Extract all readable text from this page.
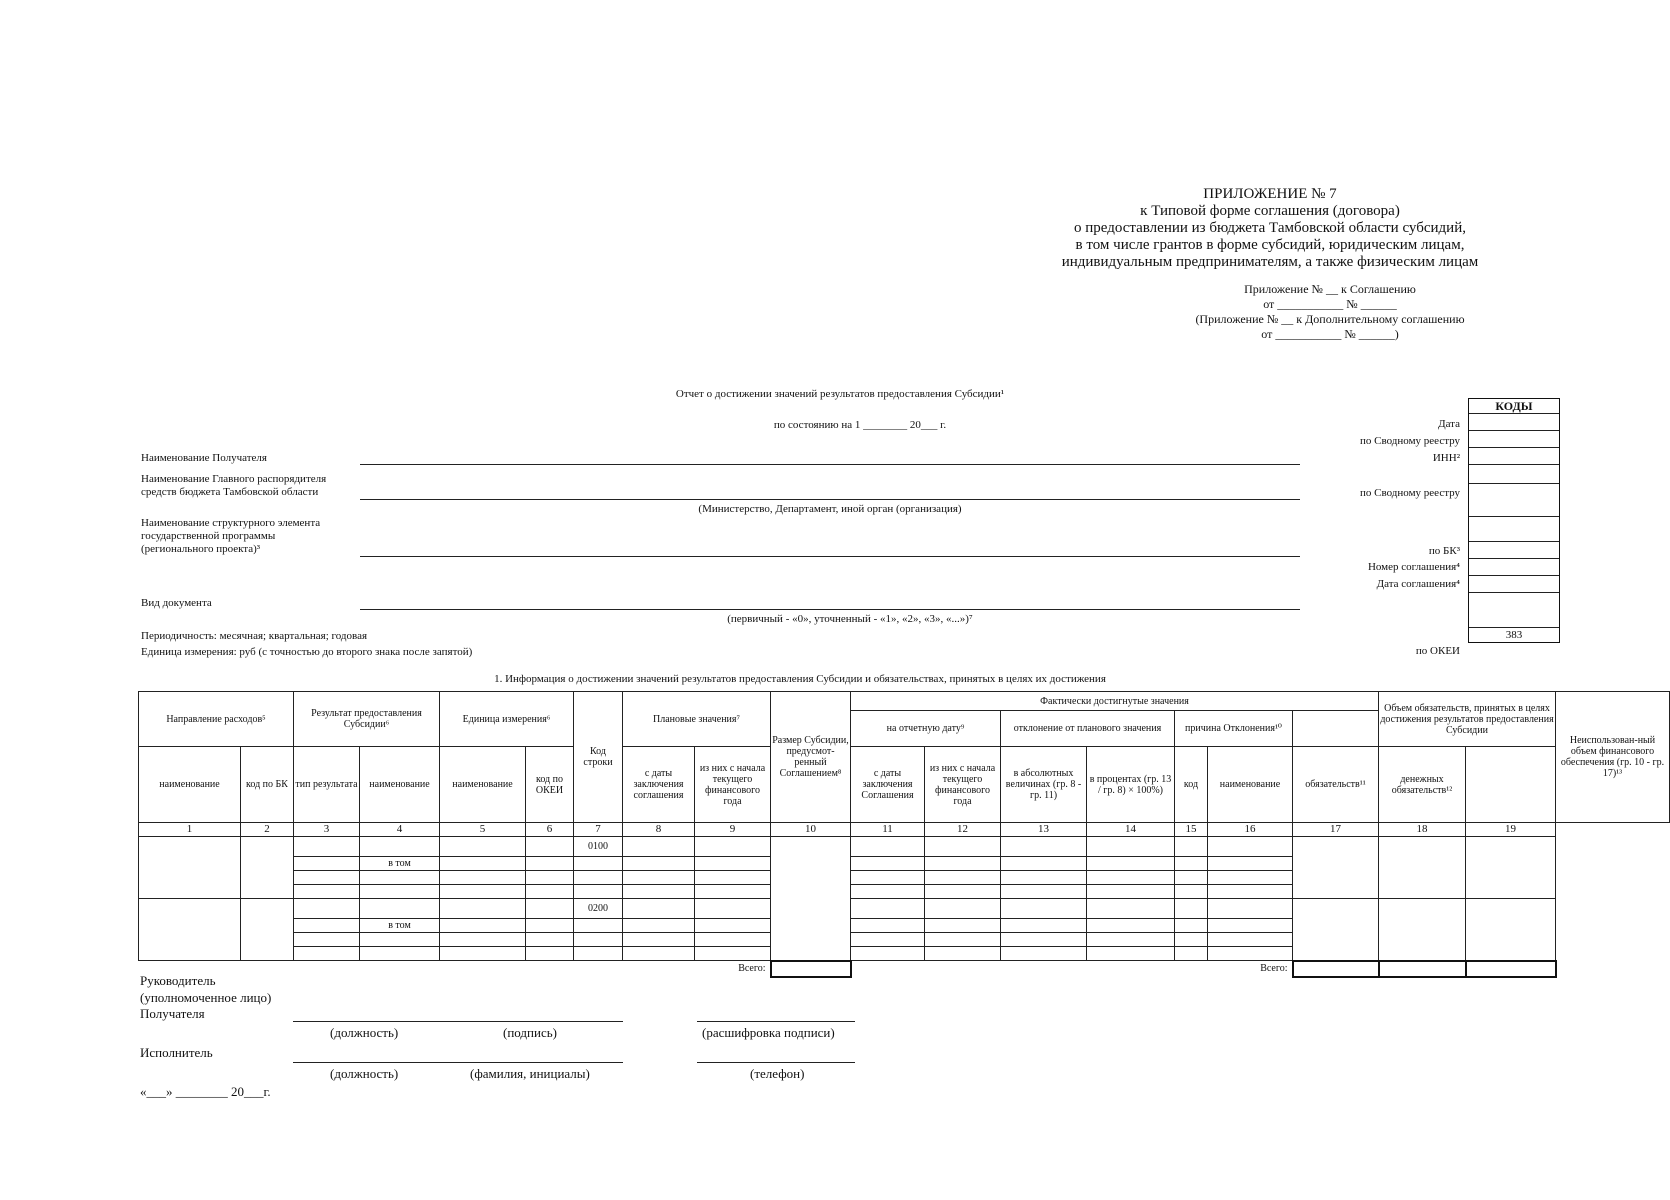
ПРИЛОЖЕНИЕ № 7
к Типовой форме соглашения (договора)
о предоставлении из бюджета Тамбовской области субсидий,
в том числе грантов в форме субсидий, юридическим лицам,
индивидуальным предпринимателям, а также физическим лицам
Приложение № __ к Соглашению
от ___________ № ______
(Приложение № __ к Дополнительному соглашению
от ___________ № ______)
Отчет о достижении значений результатов предоставления Субсидии¹
по состоянию на 1 ________ 20___ г.
КОДЫ
383
Дата
по Сводному реестру
ИНН²
по Сводному реестру
по БК³
Номер соглашения⁴
Дата соглашения⁴
по ОКЕИ
Наименование Получателя
Наименование Главного распорядителя
средств бюджета Тамбовской области
(Министерство, Департамент, иной орган (организация)
Наименование структурного элемента
государственной программы
(регионального проекта)³
Вид документа
(первичный - «0», уточненный - «1», «2», «3», «...»)⁷
Периодичность: месячная; квартальная; годовая
Единица измерения: руб (с точностью до второго знака после запятой)
1. Информация о достижении значений результатов предоставления Субсидии и обязательствах, принятых в целях их достижения
Направление расходов⁵		Результат предоставления Субсидии⁶		Единица измерения⁶		Код строки	Плановые значения⁷		Размер Субсидии, предусмот-ренный Соглашением⁸	Фактически достигнутые значения							Объем обязательств, принятых в целях достижения результатов предоставления Субсидии		Неиспользован-ный объем финансового обеспечения (гр. 10 - гр. 17)¹³
										на отчетную дату⁹		отклонение от планового значения		причина Отклонения¹⁰					
наименование	код по БК	тип результата	наименование	наименование	код по ОКЕИ		с даты заключения соглашения	из них с начала текущего финансового года		с даты заключения Соглашения	из них с начала текущего финансового года	в абсолютных величинах (гр. 8 - гр. 11)	в процентах (гр. 13 / гр. 8) × 100%)	код	наименование	обязательств¹¹	денежных обязательств¹²		
1	2	3	4	5	6	7	8	9	10	11	12	13	14	15	16	17	18	19	
						0100													
			в том																

						0200													
			в том																

Всего:										Всего:									
Руководитель
(уполномоченное лицо)
Получателя
(должность)	(подпись)	(расшифровка подписи)
Исполнитель
(должность)	(фамилия, инициалы)	(телефон)
«___» ________ 20___г.
